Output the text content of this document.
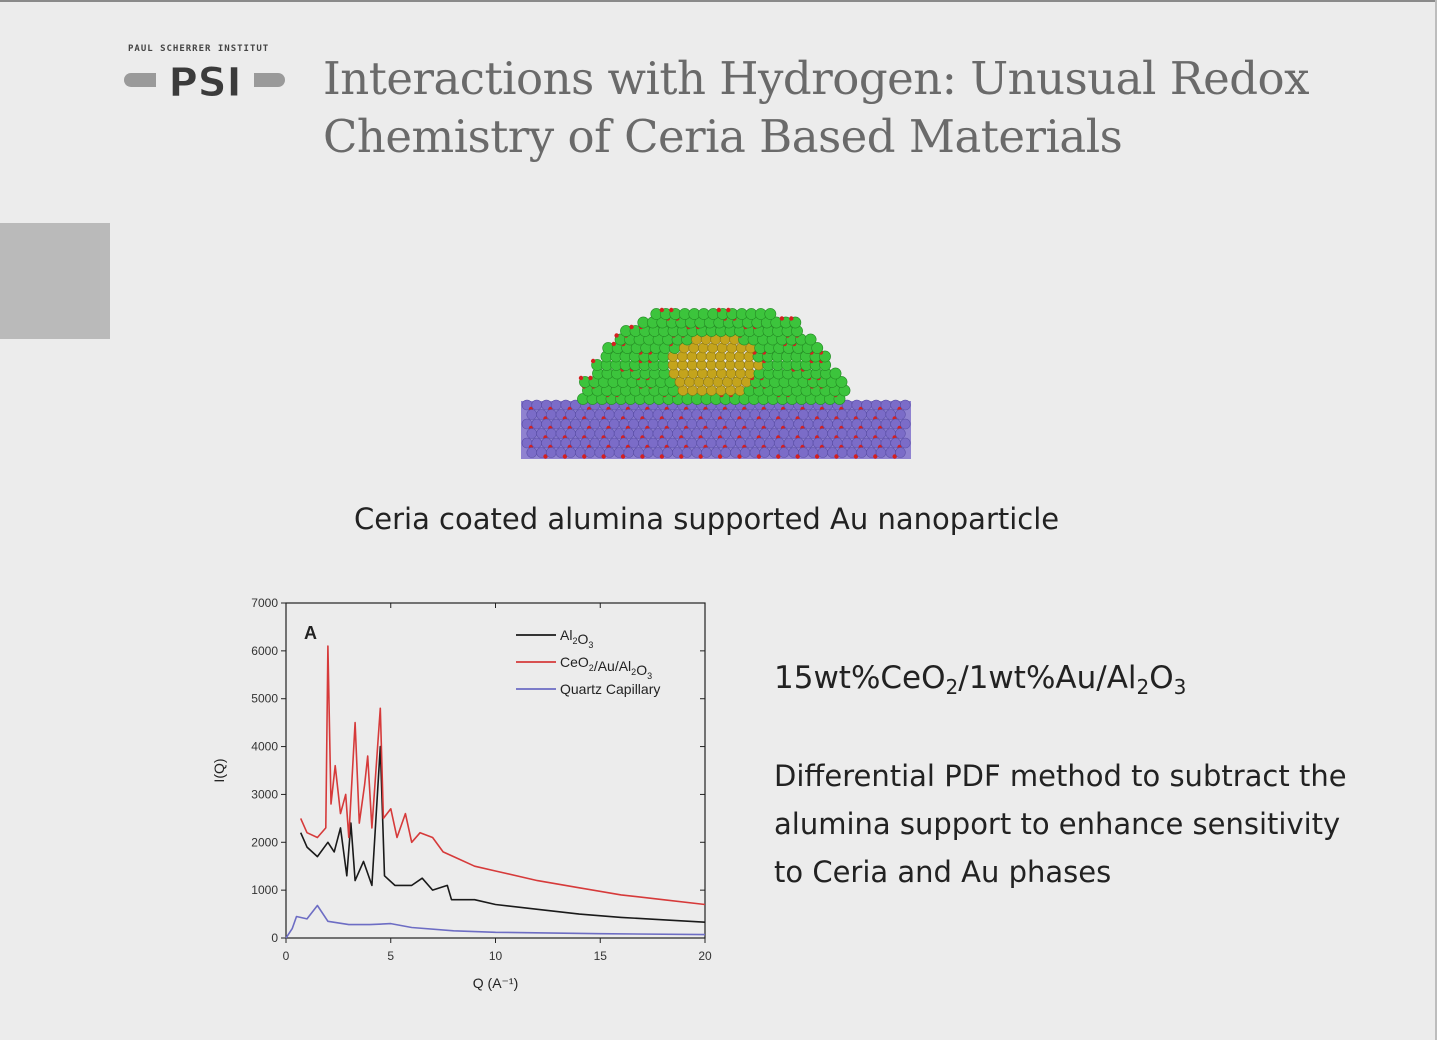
PAUL SCHERRER INSTITUT
PSI Interactions with Hydrogen: Unusual Redox Chemistry of Ceria Based Materials
Ceria coated alumina supported Au nanoparticle
0
1000
2000
3000
4000
5000
6000
7000
0	5	10	15	20
Q (A⁻¹)
I(Q)
A	$Al_2O_3$
$CeO_2/Au/Al_2O_3$
Quartz Capillary	$15wt\%CeO_2/1wt\%Au/Al_2O_3$
Differential PDF method to subtract the alumina support to enhance sensitivity to Ceria and Au phases
